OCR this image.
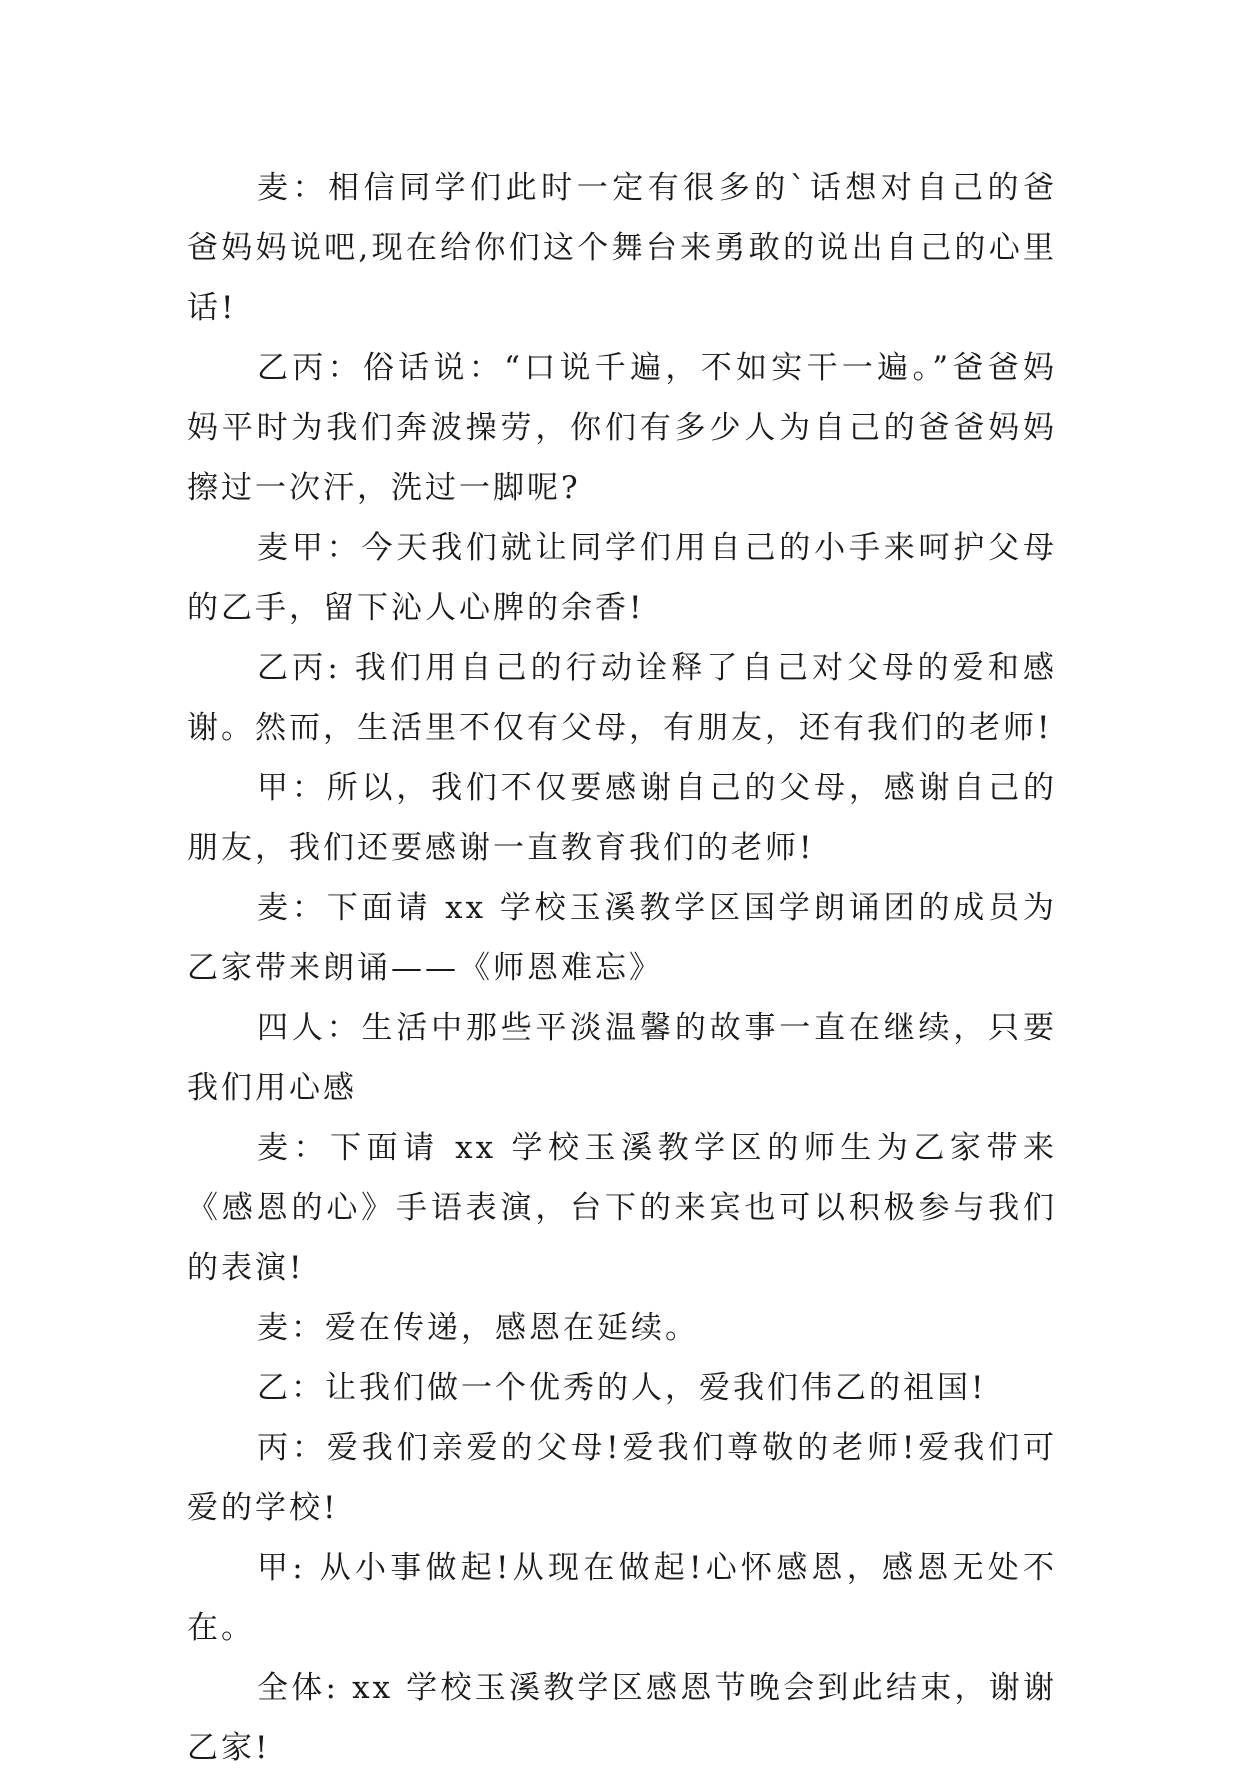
麦：相信同学们此时一定有很多的`话想对自己的爸爸妈妈说吧,现在给你们这个舞台来勇敢的说出自己的心里话!

乙丙：俗话说：“口说千遍，不如实干一遍。”爸爸妈妈平时为我们奔波操劳，你们有多少人为自己的爸爸妈妈擦过一次汗，洗过一脚呢?

麦甲：今天我们就让同学们用自己的小手来呵护父母的乙手，留下沁人心脾的余香!

乙丙: 我们用自己的行动诠释了自己对父母的爱和感谢。然而，生活里不仅有父母，有朋友，还有我们的老师!

甲：所以，我们不仅要感谢自己的父母，感谢自己的朋友，我们还要感谢一直教育我们的老师!

麦：下面请 xx 学校玉溪教学区国学朗诵团的成员为乙家带来朗诵——《师恩难忘》

四人：生活中那些平淡温馨的故事一直在继续，只要我们用心感

麦：下面请 xx 学校玉溪教学区的师生为乙家带来《感恩的心》手语表演，台下的来宾也可以积极参与我们的表演!

麦：爱在传递，感恩在延续。

乙：让我们做一个优秀的人，爱我们伟乙的祖国!

丙：爱我们亲爱的父母!爱我们尊敬的老师!爱我们可爱的学校!

甲: 从小事做起!从现在做起!心怀感恩，感恩无处不在。

全体: xx 学校玉溪教学区感恩节晚会到此结束，谢谢乙家!
